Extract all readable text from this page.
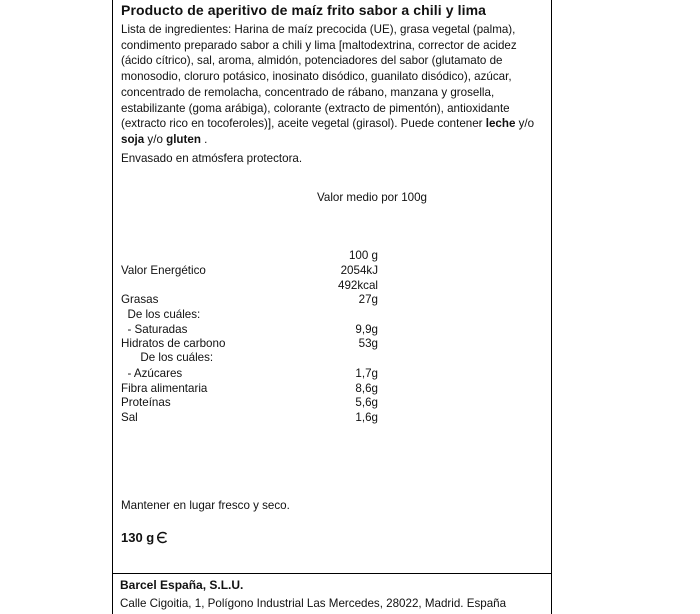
Producto de aperitivo de maíz frito sabor a chili y lima
Lista de ingredientes: Harina de maíz precocida (UE), grasa vegetal (palma), condimento preparado sabor a chili y lima [maltodextrina, corrector de acidez (ácido cítrico), sal, aroma, almidón, potenciadores del sabor (glutamato de monosodio, cloruro potásico, inosinato disódico, guanilato disódico), azúcar, concentrado de remolacha, concentrado de rábano, manzana y grosella, estabilizante (goma arábiga), colorante (extracto de pimentón), antioxidante (extracto rico en tocoferoles)], aceite vegetal (girasol). Puede contener leche y/o soja y/o gluten .
Envasado en atmósfera protectora.
Valor medio por 100g
100 g
Valor Energético	2054kJ
492kcal
Grasas	27g
De los cuáles:
- Saturadas	9,9g
Hidratos de carbono	53g
De los cuáles:
- Azúcares	1,7g
Fibra alimentaria	8,6g
Proteínas	5,6g
Sal	1,6g
Mantener en lugar fresco y seco.
130 g
Barcel España, S.L.U.
Calle Cigoitia, 1, Polígono Industrial Las Mercedes, 28022, Madrid. España
